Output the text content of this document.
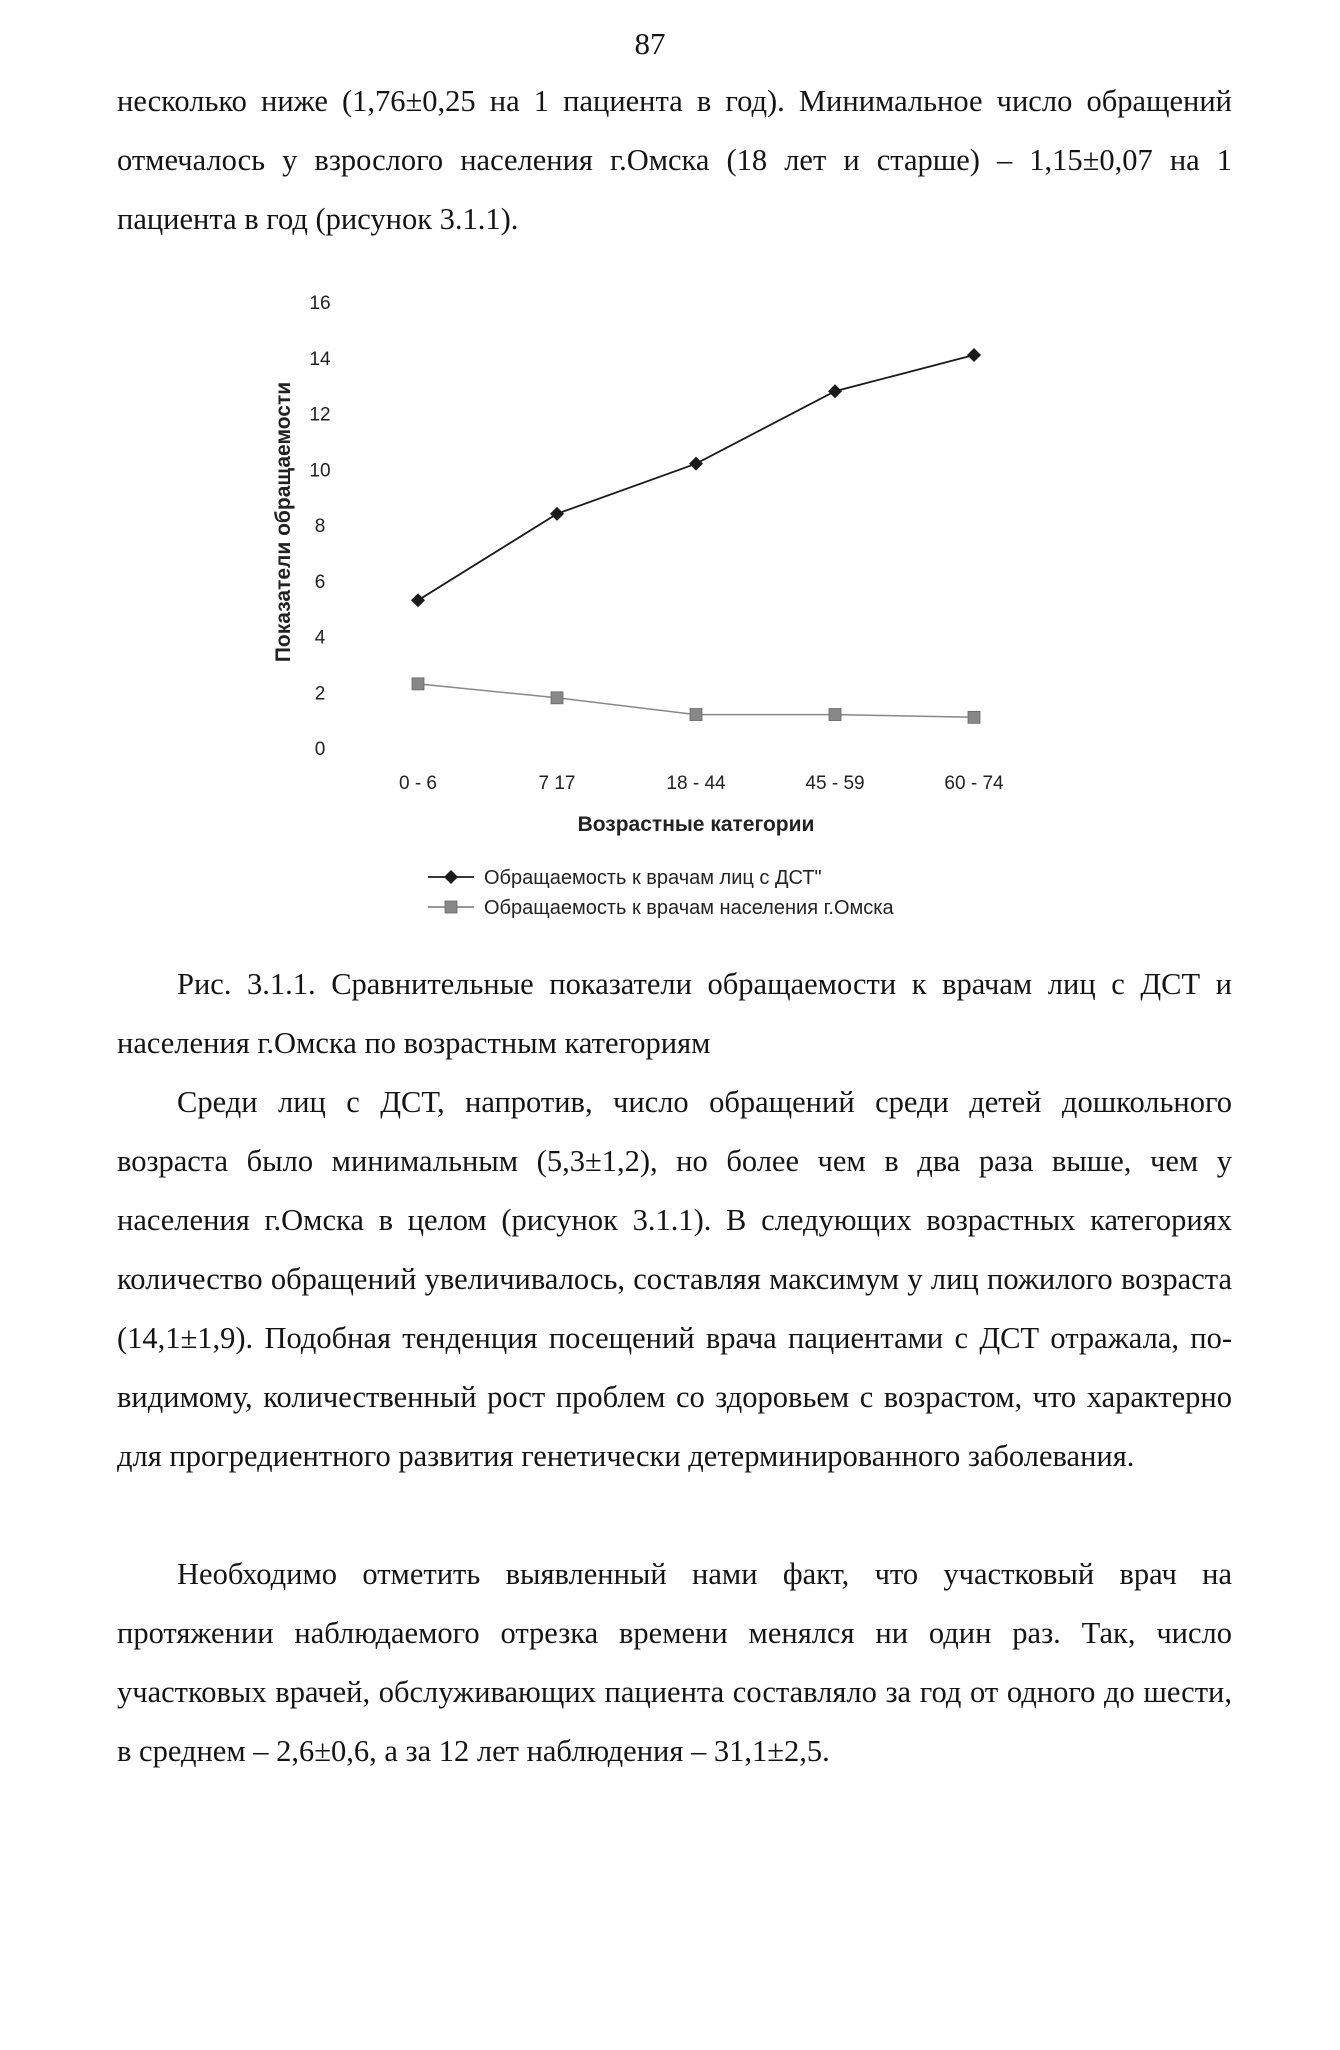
87

несколько ниже (1,76±0,25 на 1 пациента в год). Минимальное число обращений отмечалось у взрослого населения г.Омска (18 лет и старше) – 1,15±0,07 на 1 пациента в год (рисунок 3.1.1).

0
2
4
6
8
10
12
14
16
0 - 6	7 17	18 - 44	45 - 59	60 - 74
Возрастные категории
Показатели обращаемости
Обращаемость к врачам лиц с ДСТ"
Обращаемость к врачам населения г.Омска

Рис. 3.1.1. Сравнительные показатели обращаемости к врачам лиц с ДСТ и населения г.Омска по возрастным категориям

Среди лиц с ДСТ, напротив, число обращений среди детей дошкольного возраста было минимальным (5,3±1,2), но более чем в два раза выше, чем у населения г.Омска в целом (рисунок 3.1.1). В следующих возрастных категориях количество обращений увеличивалось, составляя максимум у лиц пожилого возраста (14,1±1,9). Подобная тенденция посещений врача пациентами с ДСТ отражала, по-видимому, количественный рост проблем со здоровьем с возрастом, что характерно для прогредиентного развития генетически детерминированного заболевания.

Необходимо отметить выявленный нами факт, что участковый врач на протяжении наблюдаемого отрезка времени менялся ни один раз. Так, число участковых врачей, обслуживающих пациента составляло за год от одного до шести, в среднем – 2,6±0,6, а за 12 лет наблюдения – 31,1±2,5.
